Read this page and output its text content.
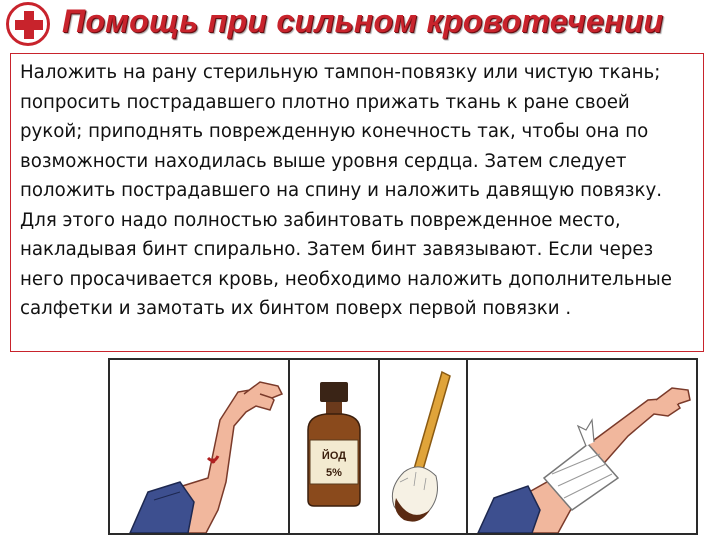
Помощь при сильном кровотечении

Наложить на рану стерильную тампон-повязку или чистую ткань; попросить пострадавшего плотно прижать ткань к ране своей рукой; приподнять поврежденную конечность так, чтобы она по возможности находилась выше уровня сердца. Затем следует положить пострадавшего на спину и наложить давящую повязку. Для этого надо полностью забинтовать поврежденное место, накладывая бинт спирально. Затем бинт завязывают. Если через него просачивается кровь, необходимо наложить дополнительные салфетки и замотать их бинтом поверх первой повязки .

ЙОД
5%
